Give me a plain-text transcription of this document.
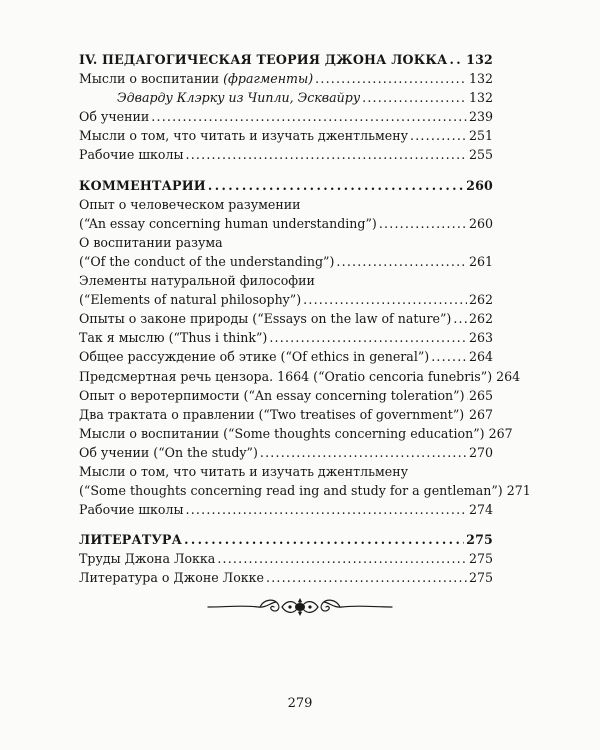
IV. ПЕДАГОГИЧЕСКАЯ ТЕОРИЯ ДЖОНА ЛОККА ..... 132
Мысли о воспитании (фрагменты) .....	132
Эдварду Клэрку из Чипли, Эсквайру .....	132
Об учении .....	239
Мысли о том, что читать и изучать джентльмену .....	251
Рабочие школы .....	255
КОММЕНТАРИИ .....	260
Опыт о человеческом разумении
(“An essay concerning human understanding”) .....	260
О воспитании разума
(“Of the conduct of the understanding”) .....	261
Элементы натуральной философии
(“Elements of natural philosophy”) .....	262
Опыты о законе природы (“Essays on the law of nature”) ..... 262
Так я мыслю (“Thus i think”) .....	263
Общее рассуждение об этике (“Of ethics in general”) .....	264
Предсмертная речь цензора. 1664 (“Oratio cencoria funebris”) 264
Опыт о веротерпимости (“An essay concerning toleration”) ..... 265
Два трактата о правлении (“Two treatises of government”) ..... 267
Мысли о воспитании (“Some thoughts concerning education”) 267
Об учении (“On the study”) .....	270
Мысли о том, что читать и изучать джентльмену
(“Some thoughts concerning read ing and study for a gentleman”) 271
Рабочие школы .....	274
ЛИТЕРАТУРА .....	275
Труды Джона Локка .....	275
Литература о Джоне Локке .....	275
279
